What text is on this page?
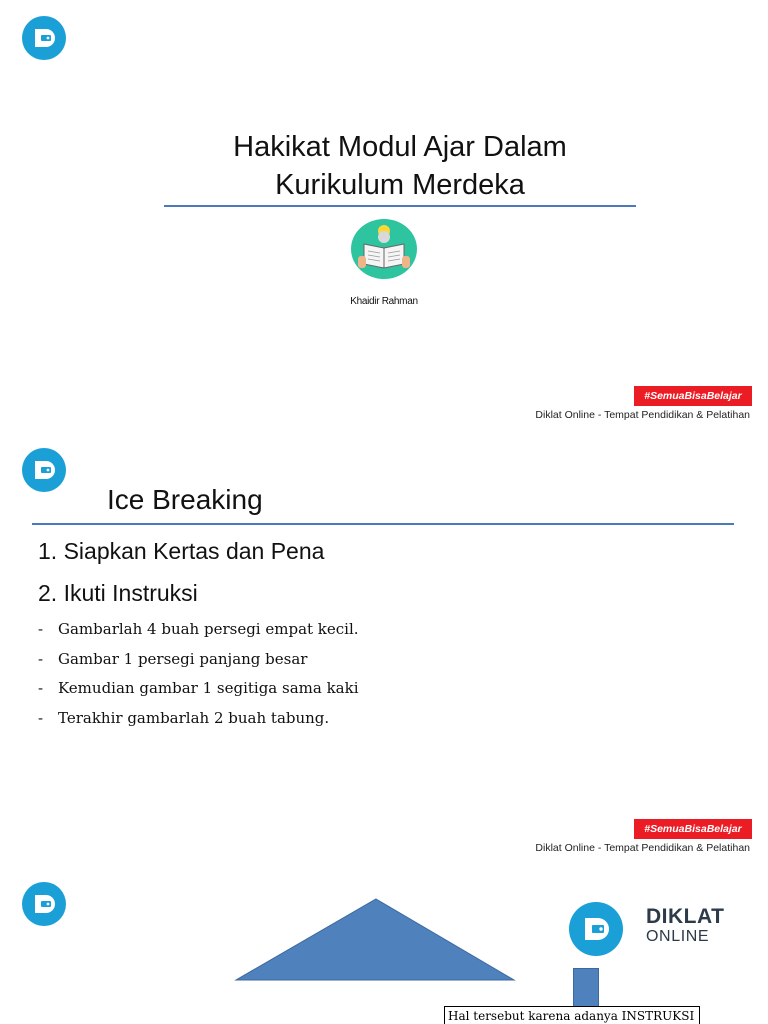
Hakikat Modul Ajar Dalam
Kurikulum Merdeka
Khaidir Rahman
#SemuaBisaBelajar
Diklat Online - Tempat Pendidikan & Pelatihan
Ice Breaking
1. Siapkan Kertas dan Pena
2. Ikuti Instruksi
- Gambarlah 4 buah persegi empat kecil.
- Gambar 1 persegi panjang besar
- Kemudian gambar 1 segitiga sama kaki
- Terakhir gambarlah 2 buah tabung.
#SemuaBisaBelajar
Diklat Online - Tempat Pendidikan & Pelatihan
DIKLAT
ONLINE
Hal tersebut karena adanya INSTRUKSI
